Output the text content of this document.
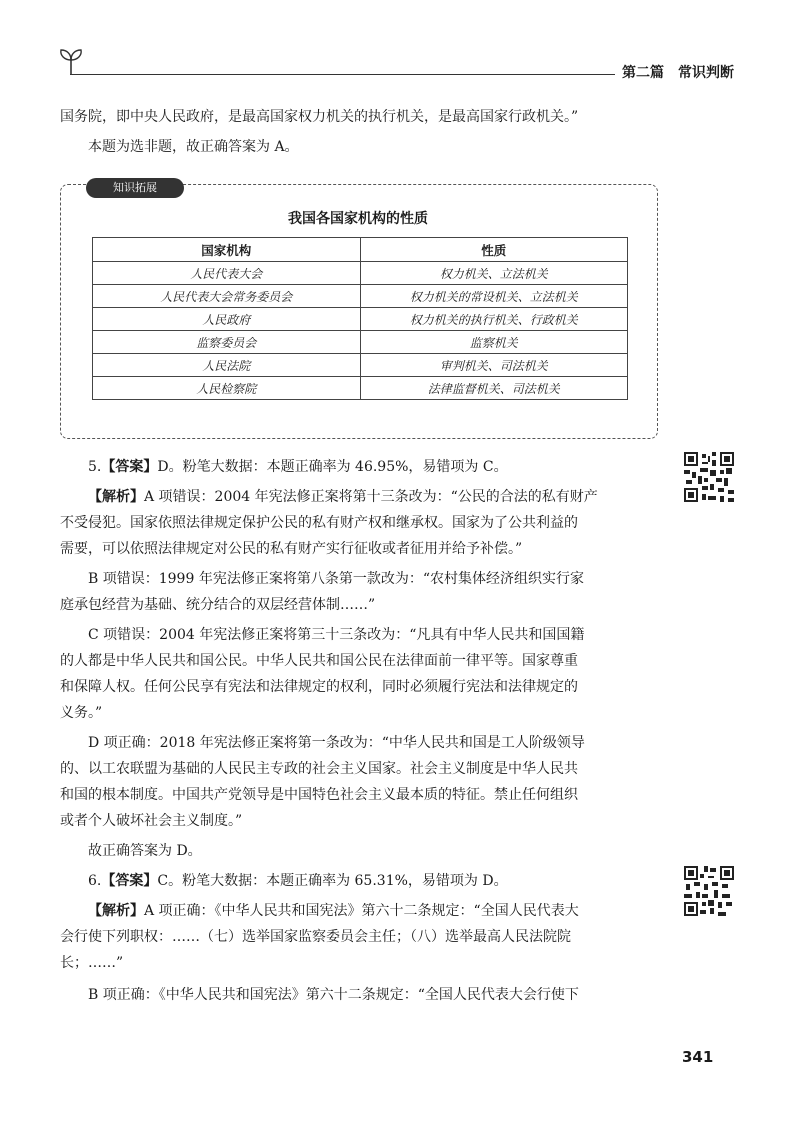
第二篇　常识判断
国务院，即中央人民政府，是最高国家权力机关的执行机关，是最高国家行政机关。”
本题为选非题，故正确答案为 A。
知识拓展
我国各国家机构的性质
国家机构	性质
人民代表大会	权力机关、立法机关
人民代表大会常务委员会	权力机关的常设机关、立法机关
人民政府	权力机关的执行机关、行政机关
监察委员会	监察机关
人民法院	审判机关、司法机关
人民检察院	法律监督机关、司法机关
5.【答案】D。粉笔大数据：本题正确率为 46.95%，易错项为 C。
【解析】A 项错误：2004 年宪法修正案将第十三条改为：“公民的合法的私有财产
不受侵犯。国家依照法律规定保护公民的私有财产权和继承权。国家为了公共利益的
需要，可以依照法律规定对公民的私有财产实行征收或者征用并给予补偿。”
B 项错误：1999 年宪法修正案将第八条第一款改为：“农村集体经济组织实行家
庭承包经营为基础、统分结合的双层经营体制……”
C 项错误：2004 年宪法修正案将第三十三条改为：“凡具有中华人民共和国国籍
的人都是中华人民共和国公民。中华人民共和国公民在法律面前一律平等。国家尊重
和保障人权。任何公民享有宪法和法律规定的权利，同时必须履行宪法和法律规定的
义务。”
D 项正确：2018 年宪法修正案将第一条改为：“中华人民共和国是工人阶级领导
的、以工农联盟为基础的人民民主专政的社会主义国家。社会主义制度是中华人民共
和国的根本制度。中国共产党领导是中国特色社会主义最本质的特征。禁止任何组织
或者个人破坏社会主义制度。”
故正确答案为 D。
6.【答案】C。粉笔大数据：本题正确率为 65.31%，易错项为 D。
【解析】A 项正确：《中华人民共和国宪法》第六十二条规定：“全国人民代表大
会行使下列职权：……（七）选举国家监察委员会主任；（八）选举最高人民法院院
长；……”
B 项正确：《中华人民共和国宪法》第六十二条规定：“全国人民代表大会行使下
341
